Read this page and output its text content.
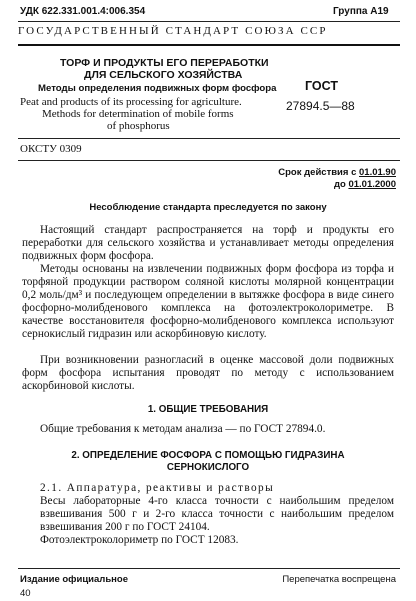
УДК 622.331.001.4:006.354	Группа А19
ГОСУДАРСТВЕННЫЙ СТАНДАРТ СОЮЗА ССР
ТОРФ И ПРОДУКТЫ ЕГО ПЕРЕРАБОТКИ
ДЛЯ СЕЛЬСКОГО ХОЗЯЙСТВА
Методы определения подвижных форм фосфора
Peat and products of its processing for agriculture.
Methods for determination of mobile forms
of phosphorus
ГОСТ
27894.5—88
ОКСТУ 0309
Срок действия с 01.01.90
до 01.01.2000
Несоблюдение стандарта преследуется по закону
Настоящий стандарт распространяется на торф и продукты его переработки для сельского хозяйства и устанавливает методы определения подвижных форм фосфора.
Методы основаны на извлечении подвижных форм фосфора из торфа и торфяной продукции раствором соляной кислоты молярной концентрации 0,2 моль/дм³ и последующем определении в вытяжке фосфора в виде синего фосфорно-молибденового комплекса на фотоэлектроколориметре. В качестве восстановителя фосфорно-молибденового комплекса используют сернокислый гидразин или аскорбиновую кислоту.
При возникновении разногласий в оценке массовой доли подвижных форм фосфора испытания проводят по методу с использованием аскорбиновой кислоты.
1. ОБЩИЕ ТРЕБОВАНИЯ
Общие требования к методам анализа — по ГОСТ 27894.0.
2. ОПРЕДЕЛЕНИЕ ФОСФОРА С ПОМОЩЬЮ ГИДРАЗИНА
СЕРНОКИСЛОГО
2.1. Аппаратура, реактивы и растворы
Весы лабораторные 4-го класса точности с наибольшим пределом взвешивания 500 г и 2-го класса точности с наибольшим пределом взвешивания 200 г по ГОСТ 24104.
Фотоэлектроколориметр по ГОСТ 12083.
Издание официальное	Перепечатка воспрещена
40
